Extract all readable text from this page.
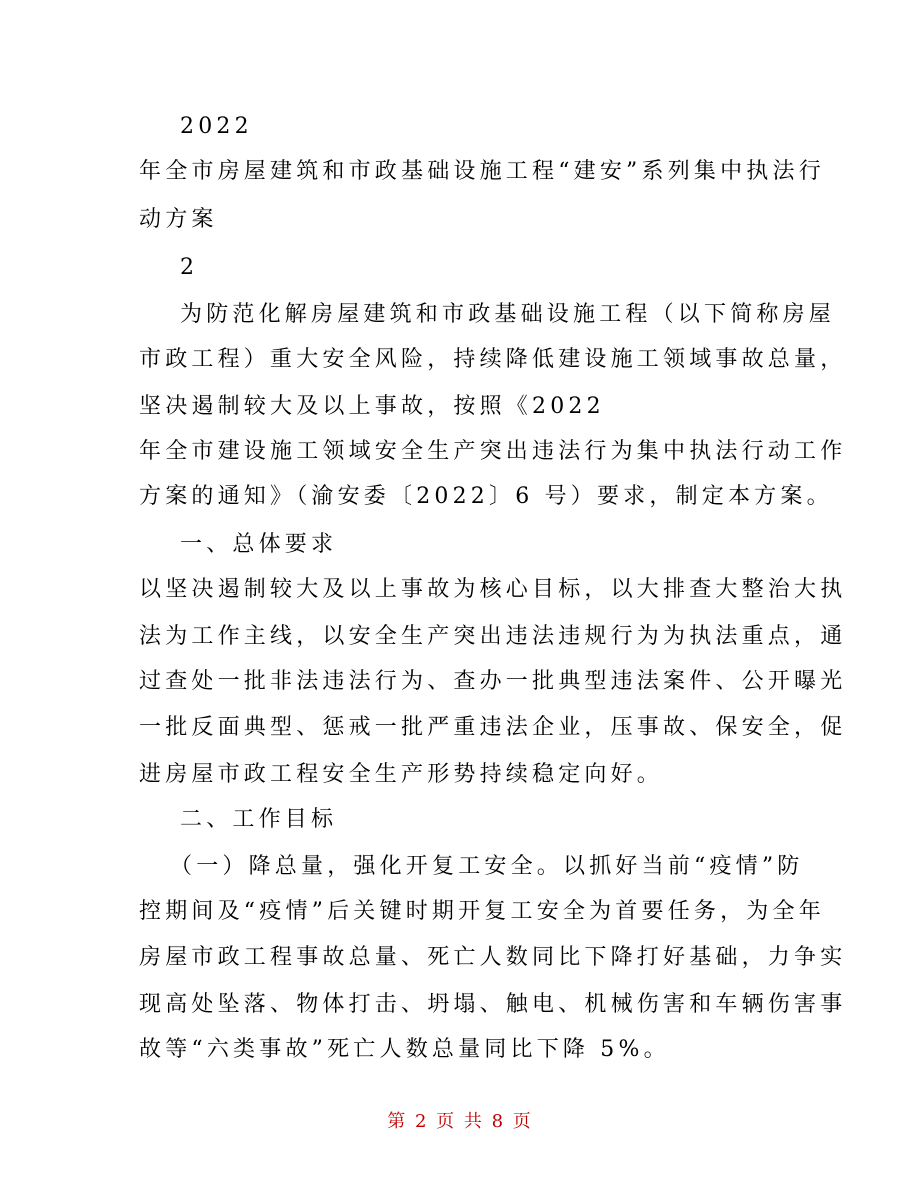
2022
年全市房屋建筑和市政基础设施工程“建安”系列集中执法行
动方案
2
为防范化解房屋建筑和市政基础设施工程（以下简称房屋
市政工程）重大安全风险，持续降低建设施工领域事故总量，
坚决遏制较大及以上事故，按照《2022
年全市建设施工领域安全生产突出违法行为集中执法行动工作
方案的通知》（渝安委〔2022〕6 号）要求，制定本方案。
一、总体要求
以坚决遏制较大及以上事故为核心目标，以大排查大整治大执
法为工作主线，以安全生产突出违法违规行为为执法重点，通
过查处一批非法违法行为、查办一批典型违法案件、公开曝光
一批反面典型、惩戒一批严重违法企业，压事故、保安全，促
进房屋市政工程安全生产形势持续稳定向好。
二、工作目标
（一）降总量，强化开复工安全。以抓好当前“疫情”防
控期间及“疫情”后关键时期开复工安全为首要任务，为全年
房屋市政工程事故总量、死亡人数同比下降打好基础，力争实
现高处坠落、物体打击、坍塌、触电、机械伤害和车辆伤害事
故等“六类事故”死亡人数总量同比下降 5%。
第 2 页 共 8 页
